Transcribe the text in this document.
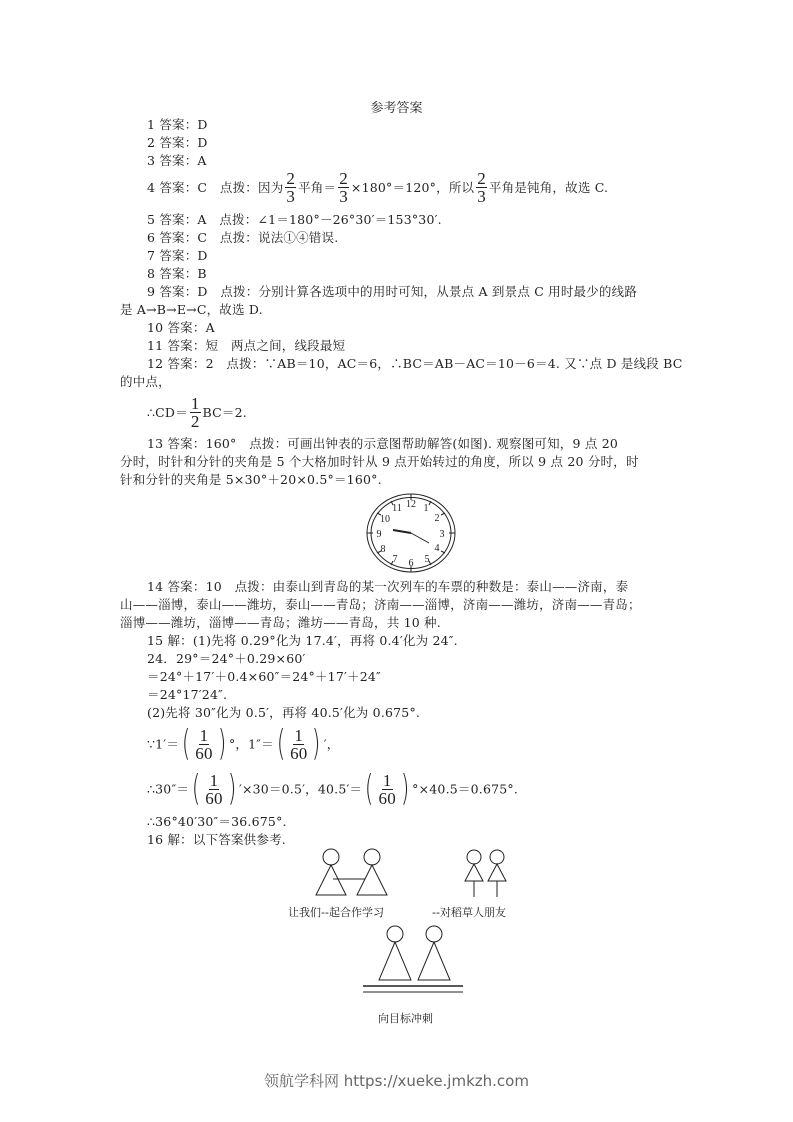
参考答案
1 答案：D
2 答案：D
3 答案：A
4 答案：C　点拨：因为 $\frac{2}{3}$ 平角＝ $\frac{2}{3} \times 180^\circ=120^\circ$，所以 $\frac{2}{3}$ 平角是钝角，故选 C.
5 答案：A　点拨：∠1＝180°－26°30′＝153°30′.
6 答案：C　点拨：说法①④错误.
7 答案：D
8 答案：B
9 答案：D　点拨：分别计算各选项中的用时可知，从景点 A 到景点 C 用时最少的线路
是 A→B→E→C，故选 D.
10 答案：A
11 答案：短　两点之间，线段最短
12 答案：2　点拨：∵AB＝10，AC＝6，∴BC＝AB－AC＝10－6＝4. 又∵点 D 是线段 BC
的中点，
∴CD＝ $\frac{1}{2} BC=2$.
13 答案：160°　点拨：可画出钟表的示意图帮助解答(如图). 观察图可知，9 点 20
分时，时针和分针的夹角是 5 个大格加时针从 9 点开始转过的角度，所以 9 点 20 分时，时
针和分针的夹角是 5×30°＋20×0.5°＝160°.
12 1
2
3
4
5
6
7
8
9
10
11
14 答案：10　点拨：由泰山到青岛的某一次列车的车票的种数是：泰山——济南，泰
山——淄博，泰山——潍坊，泰山——青岛；济南——淄博，济南——潍坊，济南——青岛；
淄博——潍坊，淄博——青岛；潍坊——青岛，共 10 种.
15 解：(1)先将 0.29°化为 17.4′，再将 0.4′化为 24″.
24．29°＝24°＋0.29×60′
＝24°＋17′＋0.4×60″＝24°＋17′＋24″
＝24°17′24″.
(2)先将 30″化为 0.5′，再将 40.5′化为 0.675°.
∵1′＝ ( $\frac{1}{60}$ ) °，1″＝ ( $\frac{1}{60}$ ) ′，
∴30″＝ ( $\frac{1}{60}$ ) ′×30＝0.5′，40.5′＝ ( $\frac{1}{60}$ ) °×40.5＝0.675°.
∴36°40′30″＝36.675°.
16 解：以下答案供参考.
让我们--起合作学习	--对稻草人朋友
向目标冲刺
领航学科网 https://xueke.jmkzh.com
